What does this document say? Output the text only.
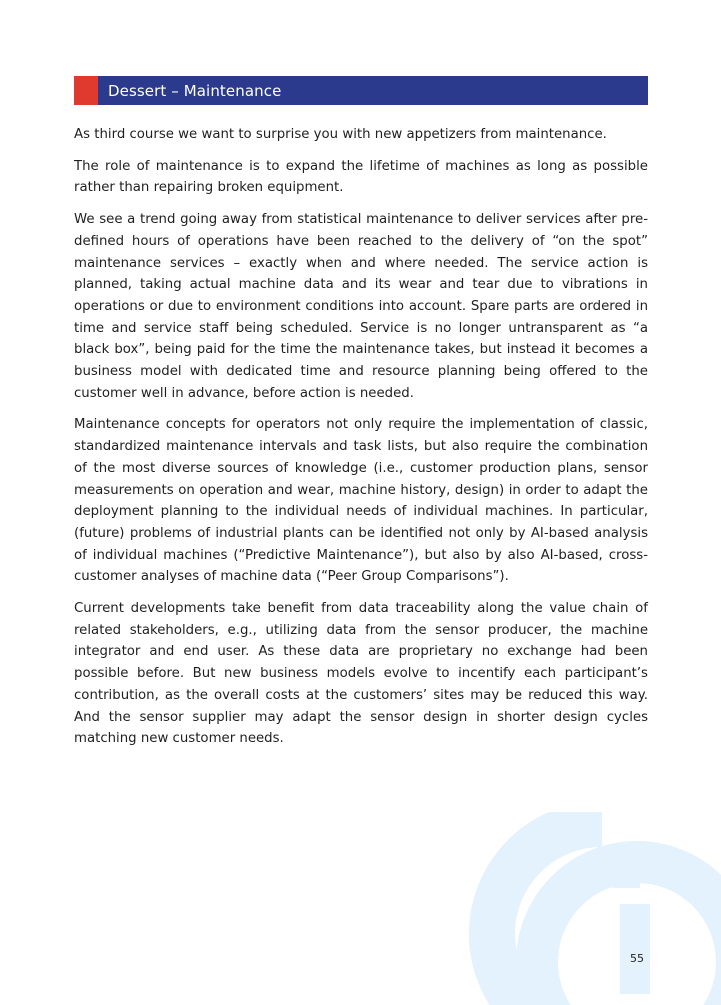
Dessert – Maintenance

As third course we want to surprise you with new appetizers from maintenance.

The role of maintenance is to expand the lifetime of machines as long as possible rather than repairing broken equipment.

We see a trend going away from statistical maintenance to deliver services after pre-defined hours of operations have been reached to the delivery of “on the spot” maintenance services – exactly when and where needed. The service action is planned, taking actual machine data and its wear and tear due to vibrations in operations or due to environment conditions into account. Spare parts are ordered in time and service staff being scheduled. Service is no longer untransparent as “a black box”, being paid for the time the maintenance takes, but instead it becomes a business model with dedicated time and resource planning being offered to the customer well in advance, before action is needed.

Maintenance concepts for operators not only require the implementation of classic, standardized maintenance intervals and task lists, but also require the combination of the most diverse sources of knowledge (i.e., customer production plans, sensor measurements on operation and wear, machine history, design) in order to adapt the deployment planning to the individual needs of individual machines. In particular, (future) problems of industrial plants can be identified not only by AI-based analysis of individual machines (“Predictive Maintenance”), but also by also AI-based, cross-customer analyses of machine data (“Peer Group Comparisons”).

Current developments take benefit from data traceability along the value chain of related stakeholders, e.g., utilizing data from the sensor producer, the machine integrator and end user. As these data are proprietary no exchange had been possible before. But new business models evolve to incentify each participant’s contribution, as the overall costs at the customers’ sites may be reduced this way. And the sensor supplier may adapt the sensor design in shorter design cycles matching new customer needs.

55
